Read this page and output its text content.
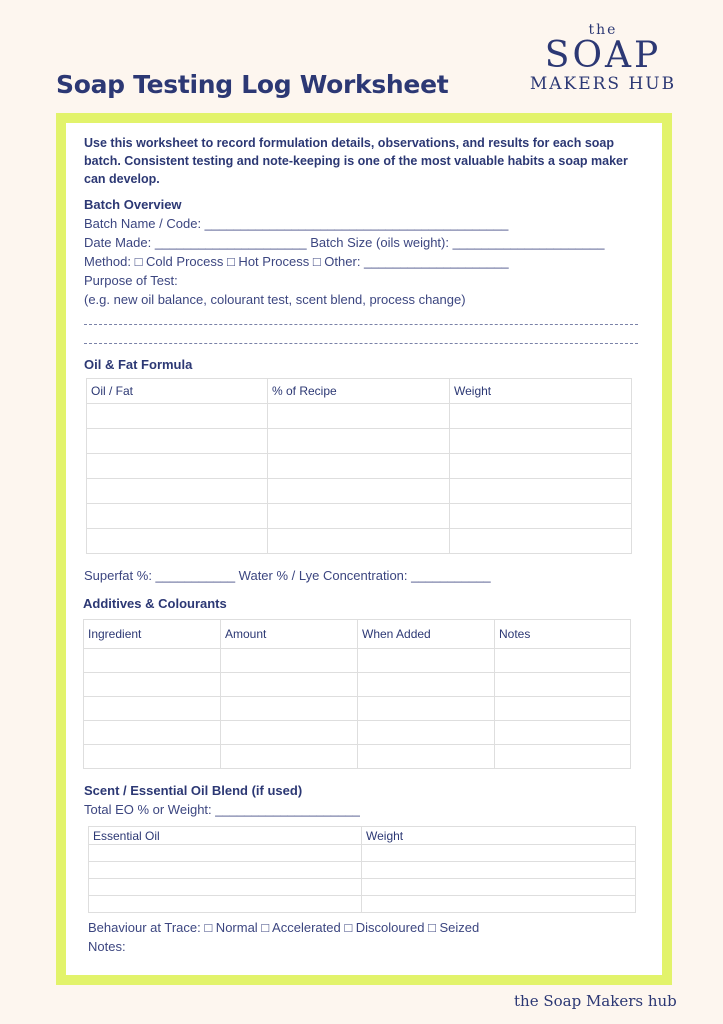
the
SOAP
MAKERS HUB
Soap Testing Log Worksheet
Use this worksheet to record formulation details, observations, and results for each soap batch. Consistent testing and note-keeping is one of the most valuable habits a soap maker can develop.
Batch Overview
Batch Name / Code: __________________________________________
Date Made: _____________________ Batch Size (oils weight): _____________________
Method: □ Cold Process □ Hot Process □ Other: ____________________
Purpose of Test:
(e.g. new oil balance, colourant test, scent blend, process change)
Oil & Fat Formula
Oil / Fat	% of Recipe	Weight

Superfat %: ___________ Water % / Lye Concentration: ___________
Additives & Colourants
Ingredient	Amount	When Added	Notes

Scent / Essential Oil Blend (if used)
Total EO % or Weight: ____________________
Essential Oil	Weight

Behaviour at Trace: □ Normal □ Accelerated □ Discoloured □ Seized
Notes:
the Soap Makers hub
